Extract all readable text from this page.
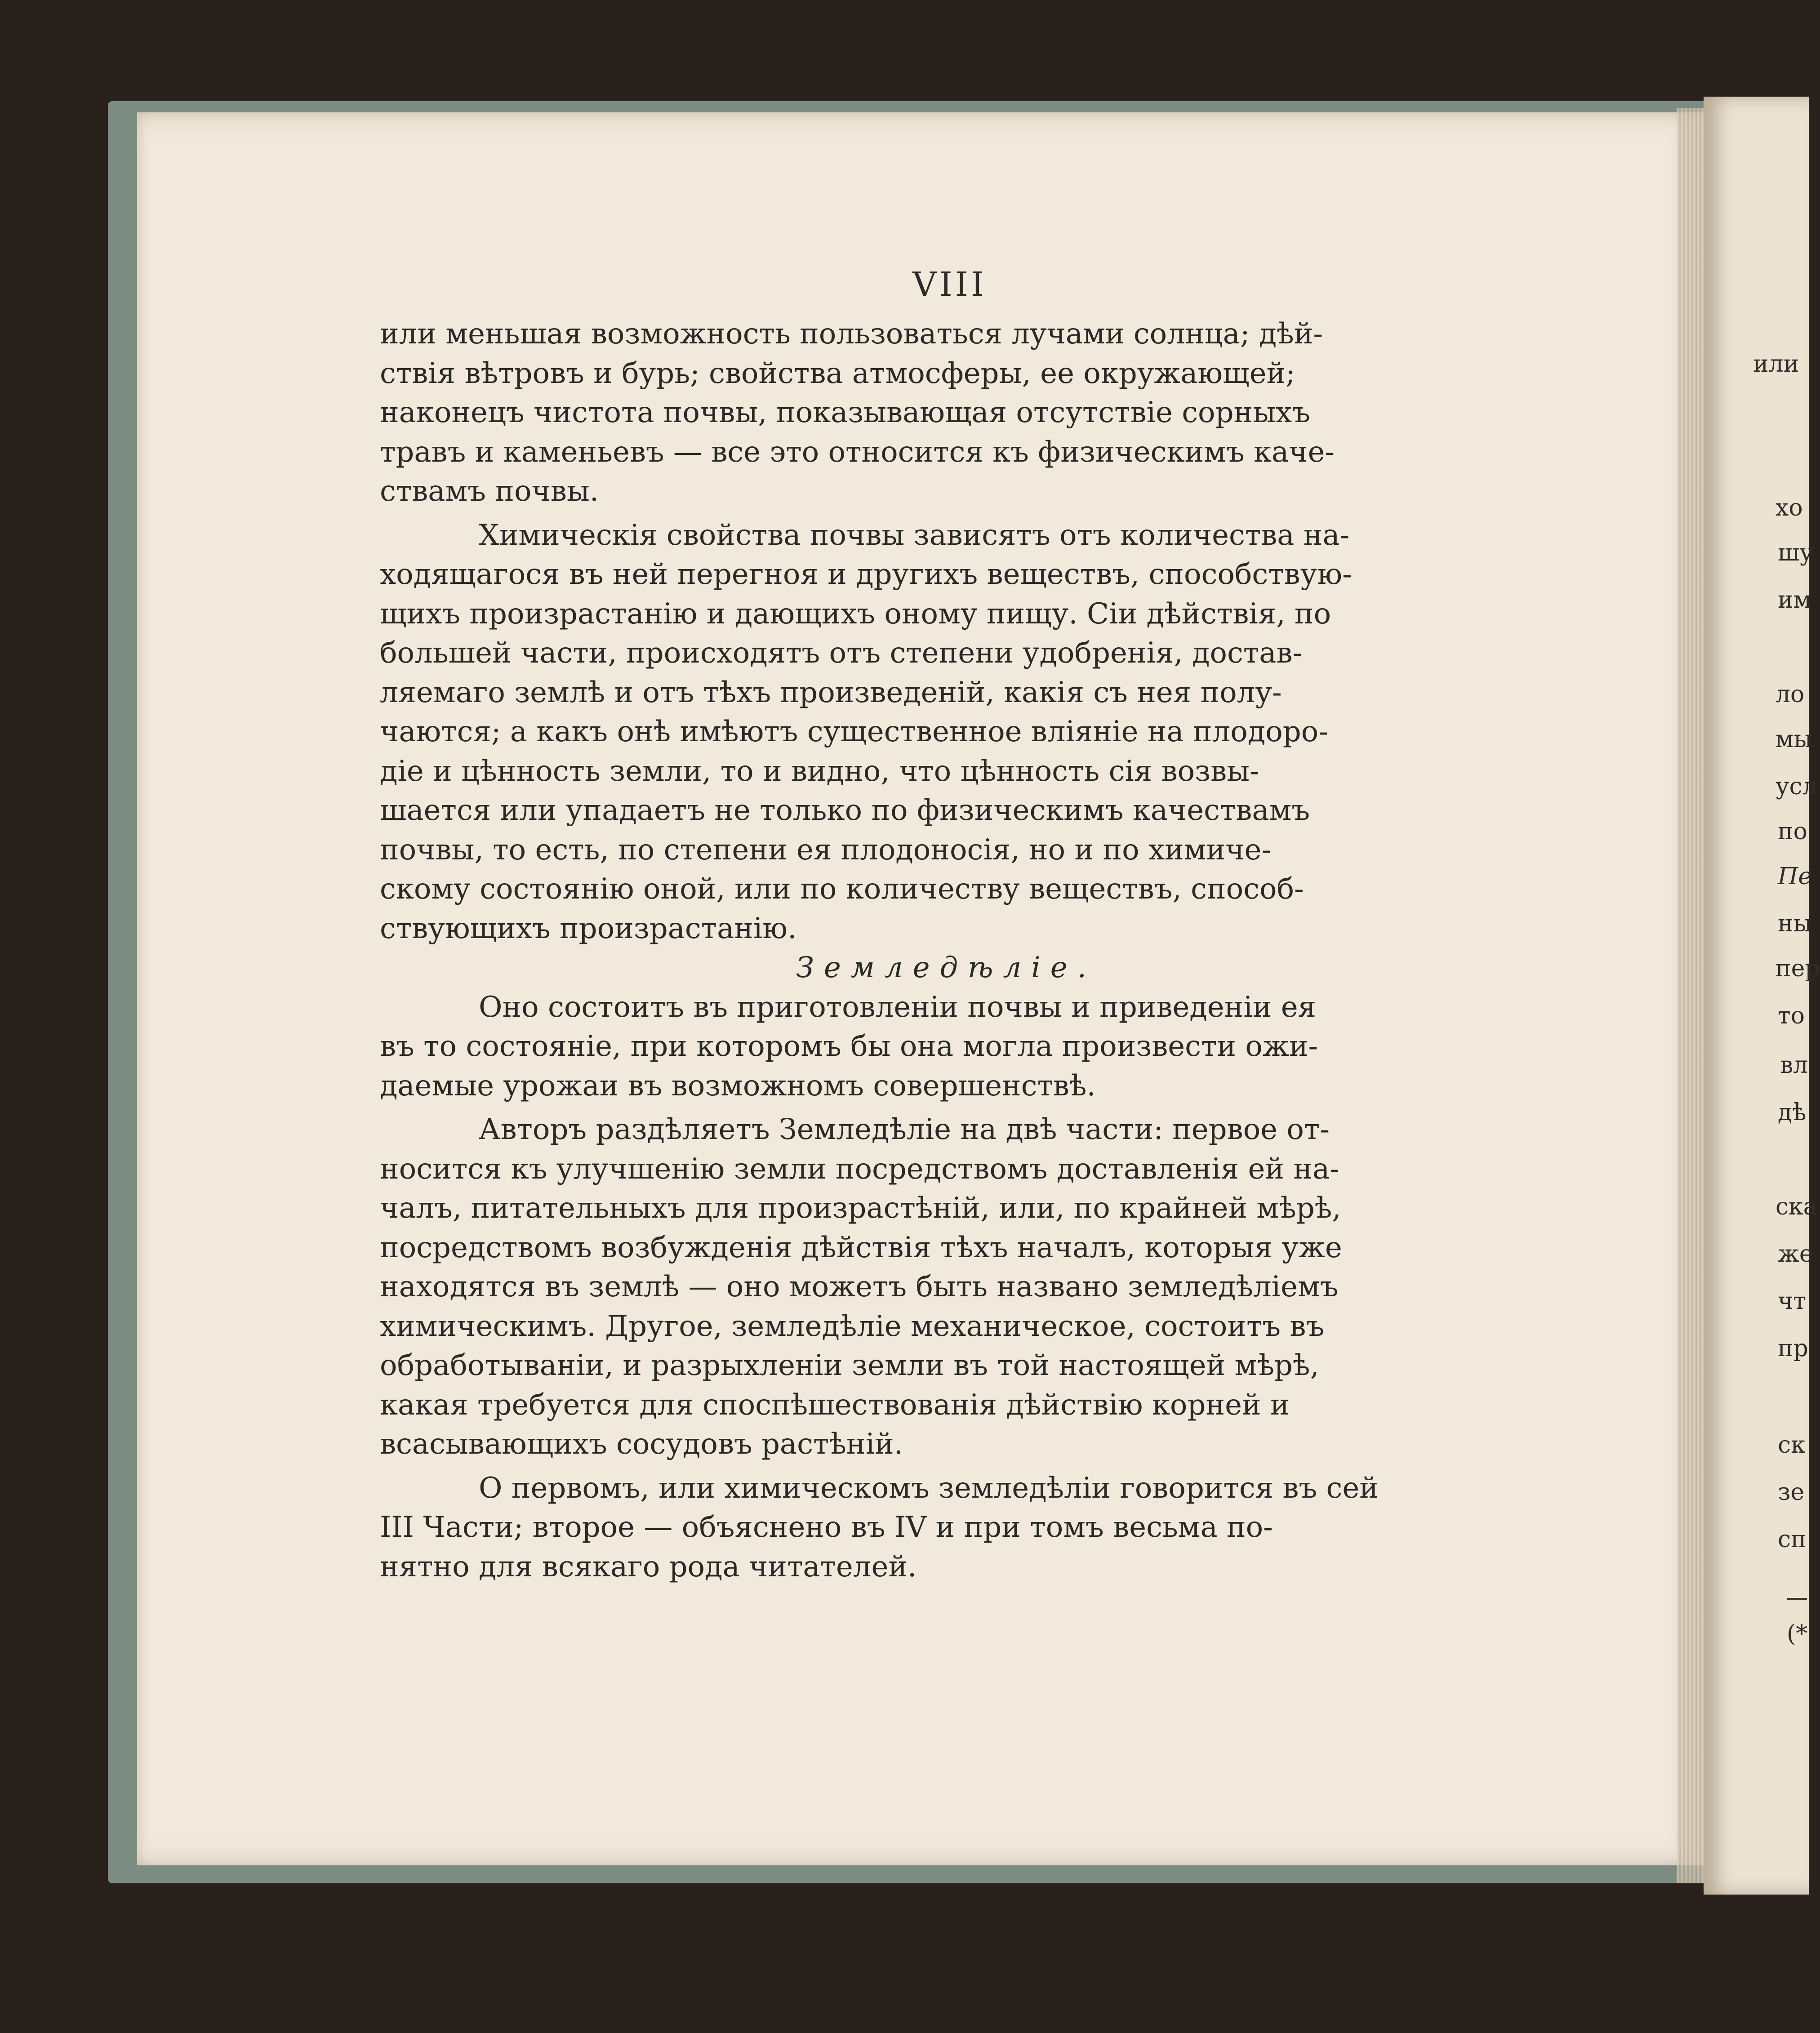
VIII
или меньшая возможность пользоваться лучами солнца; дѣй-
ствія вѣтровъ и бурь; свойства атмосферы, ее окружающей;
наконецъ чистота почвы, показывающая отсутствіе сорныхъ
травъ и каменьевъ — все это относится къ физическимъ каче-
ствамъ почвы.
Химическія свойства почвы зависятъ отъ количества на-
ходящагося въ ней перегноя и другихъ веществъ, способствую-
щихъ произрастанію и дающихъ оному пищу. Сіи дѣйствія, по
большей части, происходятъ отъ степени удобренія, достав-
ляемаго землѣ и отъ тѣхъ произведеній, какія съ нея полу-
чаются; а какъ онѣ имѣютъ существенное вліяніе на плодоро-
діе и цѣнность земли, то и видно, что цѣнность сія возвы-
шается или упадаетъ не только по физическимъ качествамъ
почвы, то есть, по степени ея плодоносія, но и по химиче-
скому состоянію оной, или по количеству веществъ, способ-
ствующихъ произрастанію.
Земледѣліе.
Оно состоитъ въ приготовленіи почвы и приведеніи ея
въ то состояніе, при которомъ бы она могла произвести ожи-
даемые урожаи въ возможномъ совершенствѣ.
Авторъ раздѣляетъ Земледѣліе на двѣ части: первое от-
носится къ улучшенію земли посредствомъ доставленія ей на-
чалъ, питательныхъ для произрастѣній, или, по крайней мѣрѣ,
посредствомъ возбужденія дѣйствія тѣхъ началъ, которыя уже
находятся въ землѣ — оно можетъ быть названо земледѣліемъ
химическимъ. Другое, земледѣліе механическое, состоитъ въ
обработываніи, и разрыхленіи земли въ той настоящей мѣрѣ,
какая требуется для споспѣшествованія дѣйствію корней и
всасывающихъ сосудовъ растѣній.
О первомъ, или химическомъ земледѣліи говорится въ сей
III Части; второе — объяснено въ IV и при томъ весьма по-
нятно для всякаго рода читателей.
или
хо
шу
им
ло
мы
усл
по
Пе
ны
пер
то
вл
дѣ
ска
же
чт
пр
ск
зе
сп
(*
